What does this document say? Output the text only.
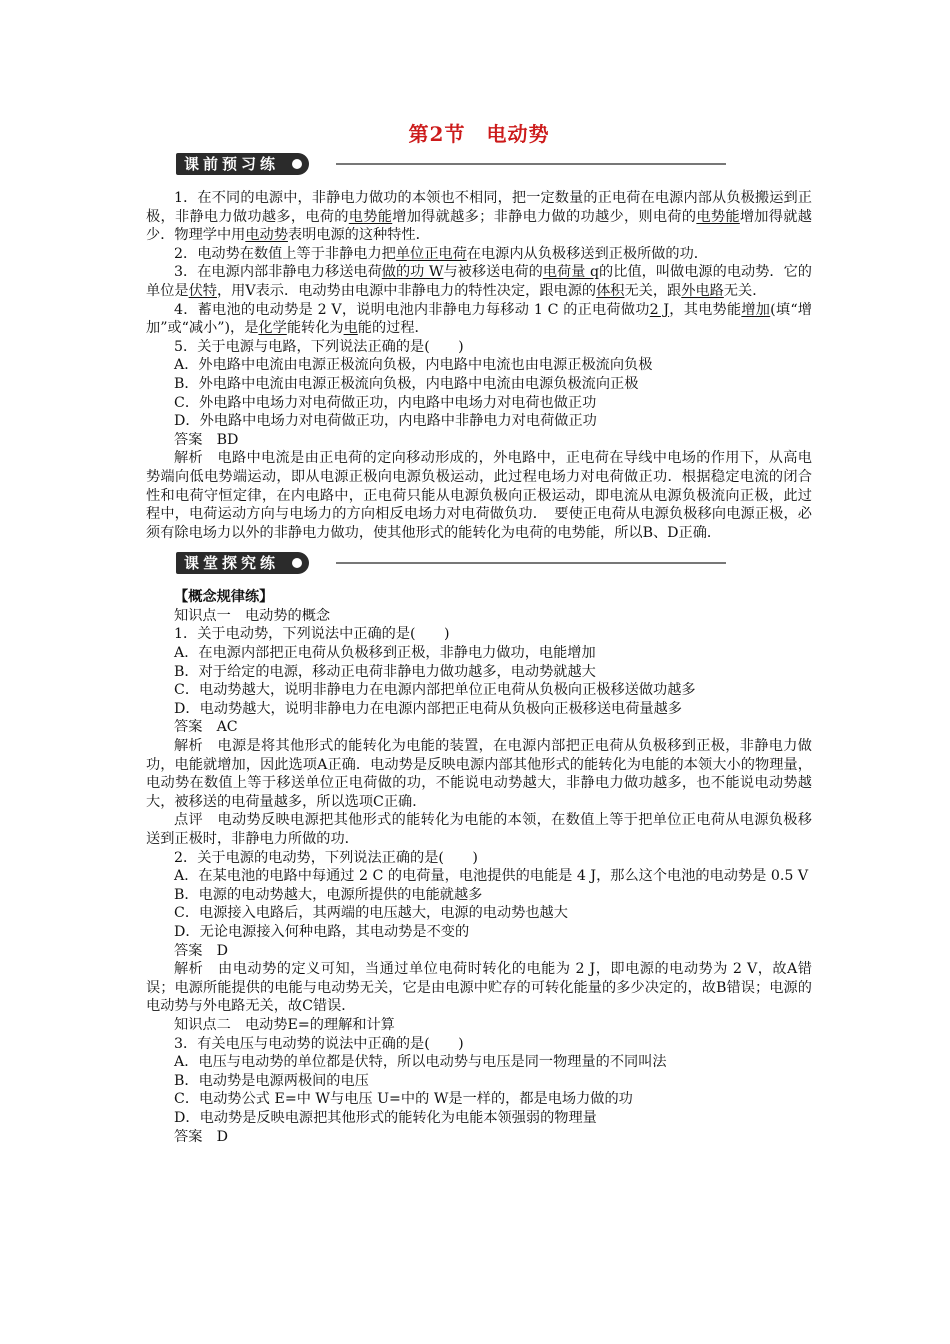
第2节　电动势
课前预习练

1．在不同的电源中，非静电力做功的本领也不相同，把一定数量的正电荷在电源内部从负极搬运到正极，非静电力做功越多，电荷的电势能增加得就越多；非静电力做的功越少，则电荷的电势能增加得就越少．物理学中用电动势表明电源的这种特性．

2．电动势在数值上等于非静电力把单位正电荷在电源内从负极移送到正极所做的功．

3．在电源内部非静电力移送电荷做的功 W与被移送电荷的电荷量 q的比值，叫做电源的电动势．它的单位是伏特，用V表示．电动势由电源中非静电力的特性决定，跟电源的体积无关，跟外电路无关．

4．蓄电池的电动势是 2 V，说明电池内非静电力每移动 1 C 的正电荷做功2 J，其电势能增加(填“增加”或“减小”)，是化学能转化为电能的过程．

5．关于电源与电路，下列说法正确的是(　　)

A．外电路中电流由电源正极流向负极，内电路中电流也由电源正极流向负极

B．外电路中电流由电源正极流向负极，内电路中电流由电源负极流向正极

C．外电路中电场力对电荷做正功，内电路中电场力对电荷也做正功

D．外电路中电场力对电荷做正功，内电路中非静电力对电荷做正功

答案　BD

解析　电路中电流是由正电荷的定向移动形成的，外电路中，正电荷在导线中电场的作用下，从高电势端向低电势端运动，即从电源正极向电源负极运动，此过程电场力对电荷做正功．根据稳定电流的闭合性和电荷守恒定律，在内电路中，正电荷只能从电源负极向正极运动，即电流从电源负极流向正极，此过程中，电荷运动方向与电场力的方向相反电场力对电荷做负功．　要使正电荷从电源负极移向电源正极，必须有除电场力以外的非静电力做功，使其他形式的能转化为电荷的电势能，所以B、D正确．

课堂探究练

【概念规律练】

知识点一　电动势的概念

1．关于电动势，下列说法中正确的是(　　)

A．在电源内部把正电荷从负极移到正极，非静电力做功，电能增加

B．对于给定的电源，移动正电荷非静电力做功越多，电动势就越大

C．电动势越大，说明非静电力在电源内部把单位正电荷从负极向正极移送做功越多

D．电动势越大，说明非静电力在电源内部把正电荷从负极向正极移送电荷量越多

答案　AC

解析　电源是将其他形式的能转化为电能的装置，在电源内部把正电荷从负极移到正极，非静电力做功，电能就增加，因此选项A正确．电动势是反映电源内部其他形式的能转化为电能的本领大小的物理量，电动势在数值上等于移送单位正电荷做的功，不能说电动势越大，非静电力做功越多，也不能说电动势越大，被移送的电荷量越多，所以选项C正确．

点评　电动势反映电源把其他形式的能转化为电能的本领，在数值上等于把单位正电荷从电源负极移送到正极时，非静电力所做的功．

2．关于电源的电动势，下列说法正确的是(　　)

A．在某电池的电路中每通过 2 C 的电荷量，电池提供的电能是 4 J，那么这个电池的电动势是 0.5 V

B．电源的电动势越大，电源所提供的电能就越多

C．电源接入电路后，其两端的电压越大，电源的电动势也越大

D．无论电源接入何种电路，其电动势是不变的

答案　D

解析　由电动势的定义可知，当通过单位电荷时转化的电能为 2 J，即电源的电动势为 2 V，故A错误；电源所能提供的电能与电动势无关，它是由电源中贮存的可转化能量的多少决定的，故B错误；电源的电动势与外电路无关，故C错误．

知识点二　电动势E=的理解和计算

3．有关电压与电动势的说法中正确的是(　　)

A．电压与电动势的单位都是伏特，所以电动势与电压是同一物理量的不同叫法

B．电动势是电源两极间的电压

C．电动势公式 E=中 W与电压 U=中的 W是一样的，都是电场力做的功

D．电动势是反映电源把其他形式的能转化为电能本领强弱的物理量

答案　D
